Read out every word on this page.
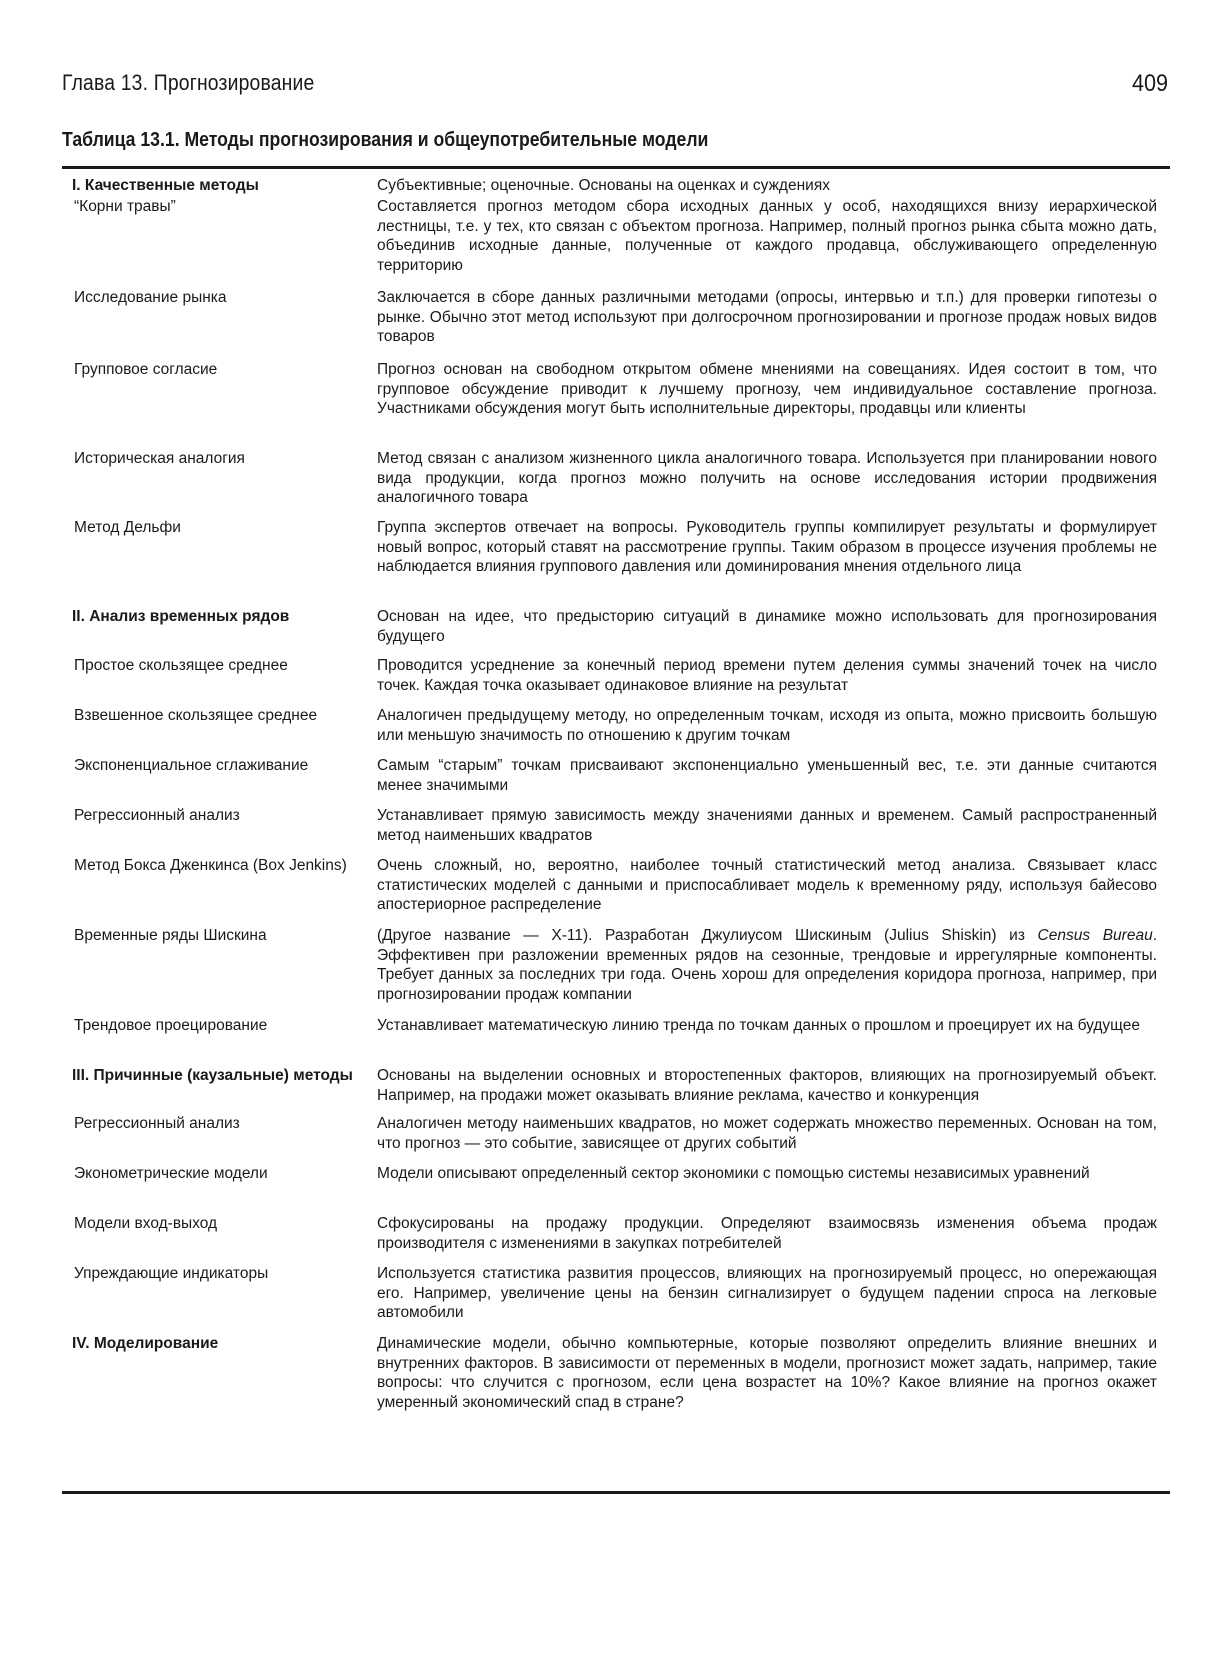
Глава 13. Прогнозирование	409
Таблица 13.1. Методы прогнозирования и общеупотребительные модели
I. Качественные методы	Субъективные; оценочные. Основаны на оценках и суждениях
“Корни травы”	Составляется прогноз методом сбора исходных данных у особ, находящихся внизу иерархической лестницы, т.е. у тех, кто связан с объектом прогноза. Например, полный прогноз рынка сбыта можно дать, объединив исходные данные, полученные от каждого продавца, обслуживающего определенную территорию
Исследование рынка	Заключается в сборе данных различными методами (опросы, интервью и т.п.) для проверки гипотезы о рынке. Обычно этот метод используют при долгосрочном прогнозировании и прогнозе продаж новых видов товаров
Групповое согласие	Прогноз основан на свободном открытом обмене мнениями на совещаниях. Идея состоит в том, что групповое обсуждение приводит к лучшему прогнозу, чем индивидуальное составление прогноза. Участниками обсуждения могут быть исполнительные директоры, продавцы или клиенты
Историческая аналогия	Метод связан с анализом жизненного цикла аналогичного товара. Используется при планировании нового вида продукции, когда прогноз можно получить на основе исследования истории продвижения аналогичного товара
Метод Дельфи	Группа экспертов отвечает на вопросы. Руководитель группы компилирует результаты и формулирует новый вопрос, который ставят на рассмотрение группы. Таким образом в процессе изучения проблемы не наблюдается влияния группового давления или доминирования мнения отдельного лица
II. Анализ временных рядов	Основан на идее, что предысторию ситуаций в динамике можно использовать для прогнозирования будущего
Простое скользящее среднее	Проводится усреднение за конечный период времени путем деления суммы значений точек на число точек. Каждая точка оказывает одинаковое влияние на результат
Взвешенное скользящее среднее	Аналогичен предыдущему методу, но определенным точкам, исходя из опыта, можно присвоить большую или меньшую значимость по отношению к другим точкам
Экспоненциальное сглаживание	Самым “старым” точкам присваивают экспоненциально уменьшенный вес, т.е. эти данные считаются менее значимыми
Регрессионный анализ	Устанавливает прямую зависимость между значениями данных и временем. Самый распространенный метод наименьших квадратов
Метод Бокса Дженкинса (Box Jenkins)	Очень сложный, но, вероятно, наиболее точный статистический метод анализа. Связывает класс статистических моделей с данными и приспосабливает модель к временному ряду, используя байесово апостериорное распределение
Временные ряды Шискина	(Другое название — X-11). Разработан Джулиусом Шискиным (Julius Shiskin) из Census Bureau. Эффективен при разложении временных рядов на сезонные, трендовые и иррегулярные компоненты. Требует данных за последних три года. Очень хорош для определения коридора прогноза, например, при прогнозировании продаж компании
Трендовое проецирование	Устанавливает математическую линию тренда по точкам данных о прошлом и проецирует их на будущее
III. Причинные (каузальные) методы	Основаны на выделении основных и второстепенных факторов, влияющих на прогнозируемый объект. Например, на продажи может оказывать влияние реклама, качество и конкуренция
Регрессионный анализ	Аналогичен методу наименьших квадратов, но может содержать множество переменных. Основан на том, что прогноз — это событие, зависящее от других событий
Эконометрические модели	Модели описывают определенный сектор экономики с помощью системы независимых уравнений
Модели вход-выход	Сфокусированы на продажу продукции. Определяют взаимосвязь изменения объема продаж производителя с изменениями в закупках потребителей
Упреждающие индикаторы	Используется статистика развития процессов, влияющих на прогнозируемый процесс, но опережающая его. Например, увеличение цены на бензин сигнализирует о будущем падении спроса на легковые автомобили
IV. Моделирование	Динамические модели, обычно компьютерные, которые позволяют определить влияние внешних и внутренних факторов. В зависимости от переменных в модели, прогнозист может задать, например, такие вопросы: что случится с прогнозом, если цена возрастет на 10%? Какое влияние на прогноз окажет умеренный экономический спад в стране?
